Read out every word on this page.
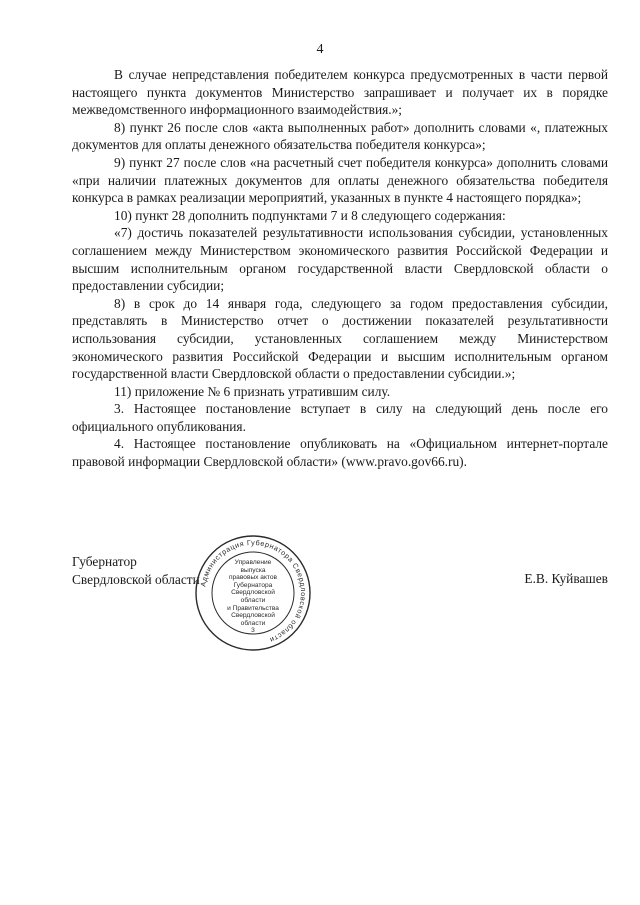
4

В случае непредставления победителем конкурса предусмотренных в части первой настоящего пункта документов Министерство запрашивает и получает их в порядке межведомственного информационного взаимодействия.»;

8) пункт 26 после слов «акта выполненных работ» дополнить словами «, платежных документов для оплаты денежного обязательства победителя конкурса»;

9) пункт 27 после слов «на расчетный счет победителя конкурса» дополнить словами «при наличии платежных документов для оплаты денежного обязательства победителя конкурса в рамках реализации мероприятий, указанных в пункте 4 настоящего порядка»;

10) пункт 28 дополнить подпунктами 7 и 8 следующего содержания:

«7) достичь показателей результативности использования субсидии, установленных соглашением между Министерством экономического развития Российской Федерации и высшим исполнительным органом государственной власти Свердловской области о предоставлении субсидии;

8) в срок до 14 января года, следующего за годом предоставления субсидии, представлять в Министерство отчет о достижении показателей результативности использования субсидии, установленных соглашением между Министерством экономического развития Российской Федерации и высшим исполнительным органом государственной власти Свердловской области о предоставлении субсидии.»;

11) приложение № 6 признать утратившим силу.

3. Настоящее постановление вступает в силу на следующий день после его официального опубликования.

4. Настоящее постановление опубликовать на «Официальном интернет-портале правовой информации Свердловской области» (www.pravo.gov66.ru).

Губернатор
Свердловской области	Е.В. Куйвашев
Администрация Губернатора Свердловской области
Управление
выпуска
правовых актов
Губернатора
Свердловской области
и Правительства
Свердловской
области
3
